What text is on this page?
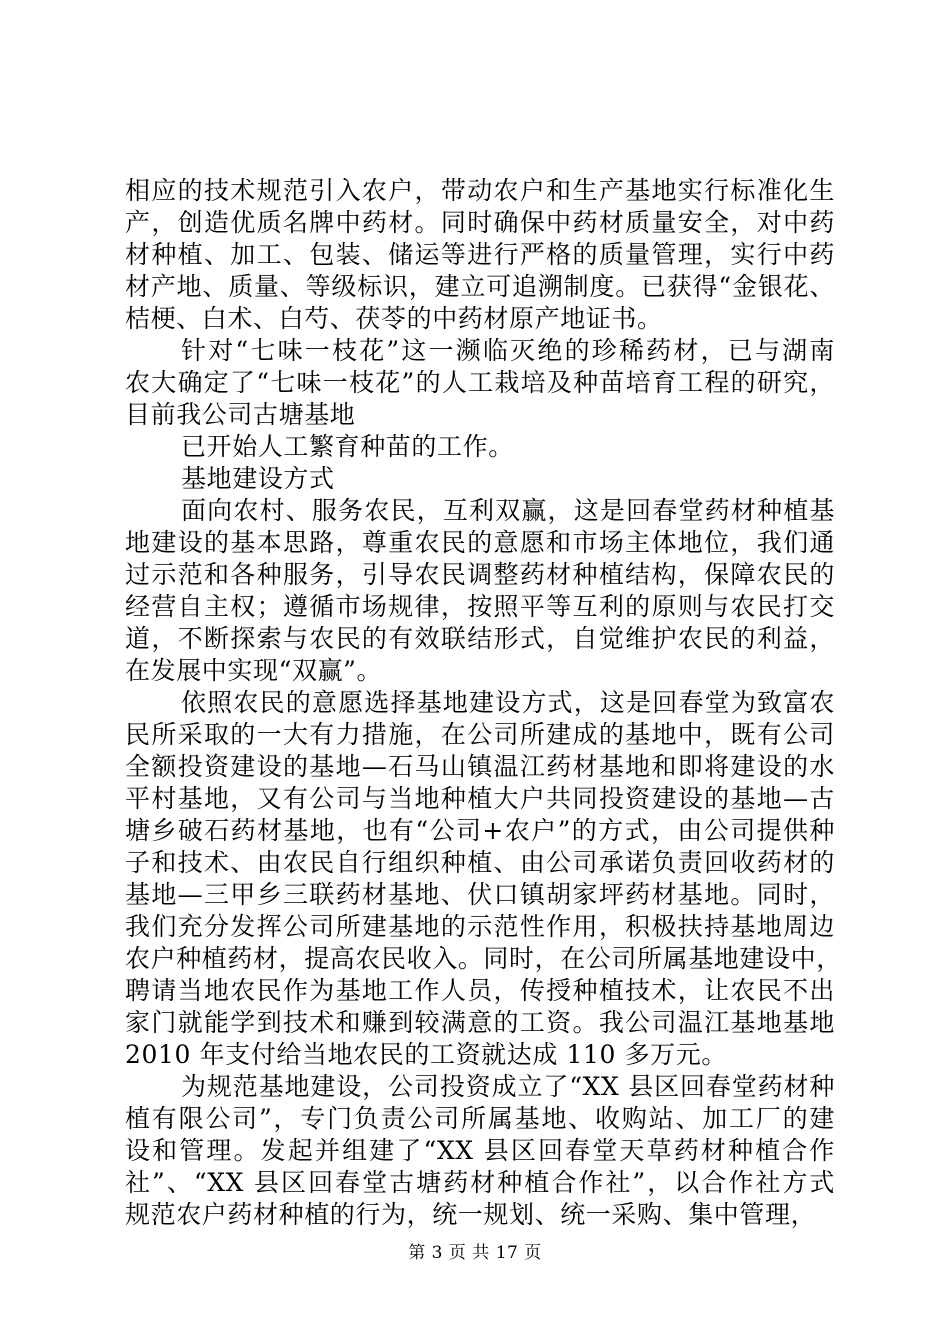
相应的技术规范引入农户，带动农户和生产基地实行标准化生
产，创造优质名牌中药材。同时确保中药材质量安全，对中药
材种植、加工、包装、储运等进行严格的质量管理，实行中药
材产地、质量、等级标识，建立可追溯制度。已获得“金银花、
桔梗、白术、白芍、茯苓的中药材原产地证书。
针对“七味一枝花”这一濒临灭绝的珍稀药材，已与湖南
农大确定了“七味一枝花”的人工栽培及种苗培育工程的研究，
目前我公司古塘基地
已开始人工繁育种苗的工作。
基地建设方式
面向农村、服务农民，互利双赢，这是回春堂药材种植基
地建设的基本思路，尊重农民的意愿和市场主体地位，我们通
过示范和各种服务，引导农民调整药材种植结构，保障农民的
经营自主权；遵循市场规律，按照平等互利的原则与农民打交
道，不断探索与农民的有效联结形式，自觉维护农民的利益，
在发展中实现“双赢”。
依照农民的意愿选择基地建设方式，这是回春堂为致富农
民所采取的一大有力措施，在公司所建成的基地中，既有公司
全额投资建设的基地—石马山镇温江药材基地和即将建设的水
平村基地，又有公司与当地种植大户共同投资建设的基地—古
塘乡破石药材基地，也有“公司+农户”的方式，由公司提供种
子和技术、由农民自行组织种植、由公司承诺负责回收药材的
基地—三甲乡三联药材基地、伏口镇胡家坪药材基地。同时，
我们充分发挥公司所建基地的示范性作用，积极扶持基地周边
农户种植药材，提高农民收入。同时，在公司所属基地建设中，
聘请当地农民作为基地工作人员，传授种植技术，让农民不出
家门就能学到技术和赚到较满意的工资。我公司温江基地基地
2010 年支付给当地农民的工资就达成 110 多万元。
为规范基地建设，公司投资成立了“XX 县区回春堂药材种
植有限公司”，专门负责公司所属基地、收购站、加工厂的建
设和管理。发起并组建了“XX 县区回春堂天草药材种植合作
社”、“XX 县区回春堂古塘药材种植合作社”，以合作社方式
规范农户药材种植的行为，统一规划、统一采购、集中管理，
第 3 页 共 17 页
